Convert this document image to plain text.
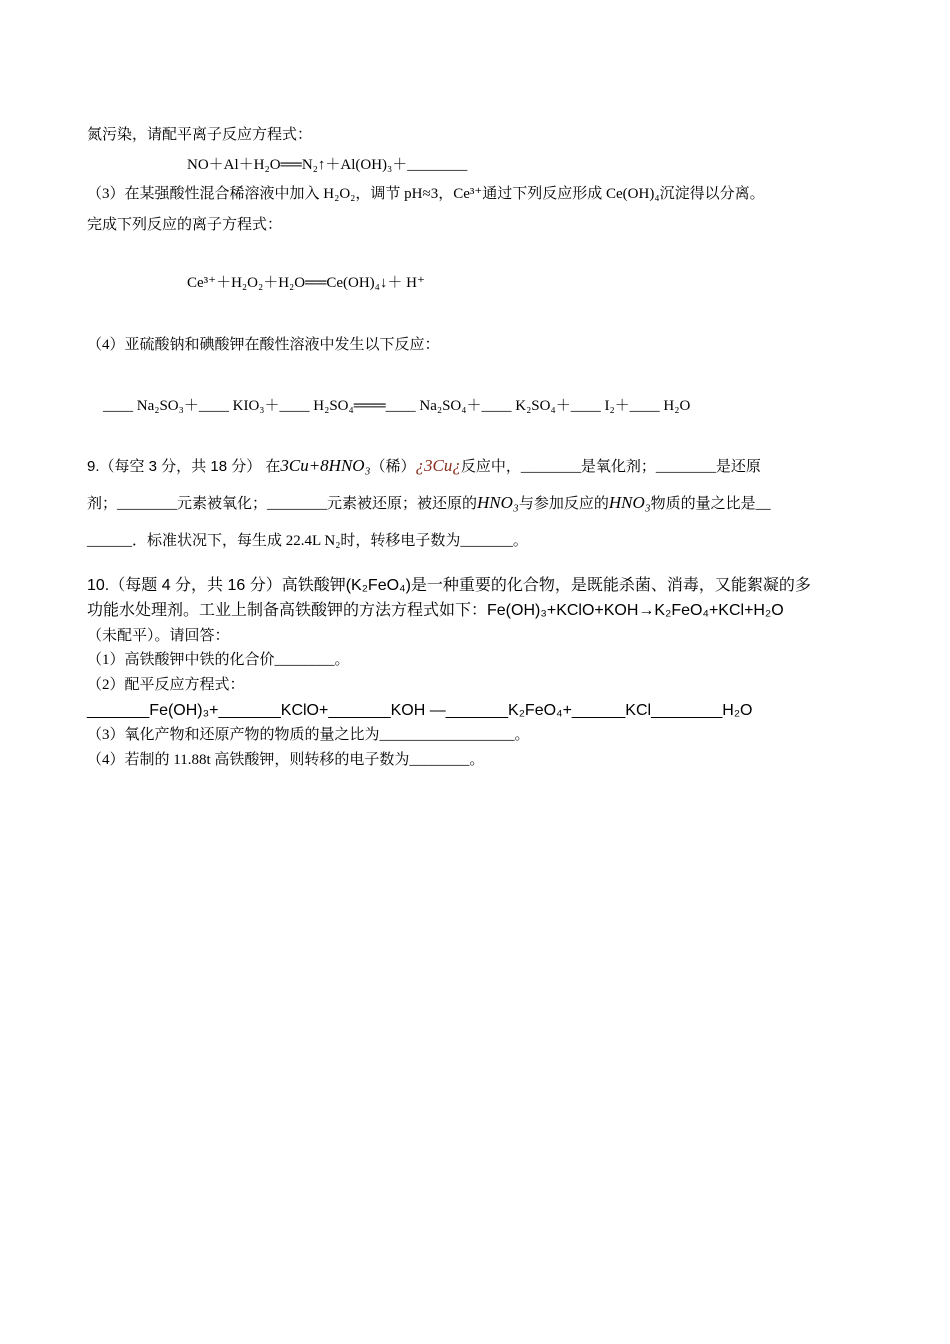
氮污染，请配平离子反应方程式：
NO＋Al＋H₂O══N₂↑＋Al(OH)₃＋________
（3）在某强酸性混合稀溶液中加入 H₂O₂，调节 pH≈3，Ce³⁺通过下列反应形成 Ce(OH)₄沉淀得以分离。
完成下列反应的离子方程式：
Ce³⁺＋H₂O₂＋H₂O══Ce(OH)₄↓＋ H⁺
（4）亚硫酸钠和碘酸钾在酸性溶液中发生以下反应：
____ Na₂SO₃＋____ KIO₃＋____ H₂SO₄═══____ Na₂SO₄＋____ K₂SO₄＋____ I₂＋____ H₂O
9.（每空 3 分，共 18 分） 在3Cu+8HNO₃（稀）¿3Cu¿反应中，________是氧化剂；________是还原
剂；________元素被氧化；________元素被还原；被还原的HNO₃与参加反应的HNO₃物质的量之比是__
______．标准状况下，每生成 22.4L N₂时，转移电子数为_______。
10.（每题 4 分，共 16 分）高铁酸钾(K₂FeO₄)是一种重要的化合物，是既能杀菌、消毒，又能絮凝的多
功能水处理剂。工业上制备高铁酸钾的方法方程式如下：Fe(OH)₃+KClO+KOH→K₂FeO₄+KCl+H₂O
（未配平）。请回答：
（1）高铁酸钾中铁的化合价________。
（2）配平反应方程式：
_______Fe(OH)₃+_______KClO+_______KOH —_______K₂FeO₄+______KCl________H₂O
（3）氧化产物和还原产物的物质的量之比为__________________。
（4）若制的 11.88t 高铁酸钾，则转移的电子数为________。
